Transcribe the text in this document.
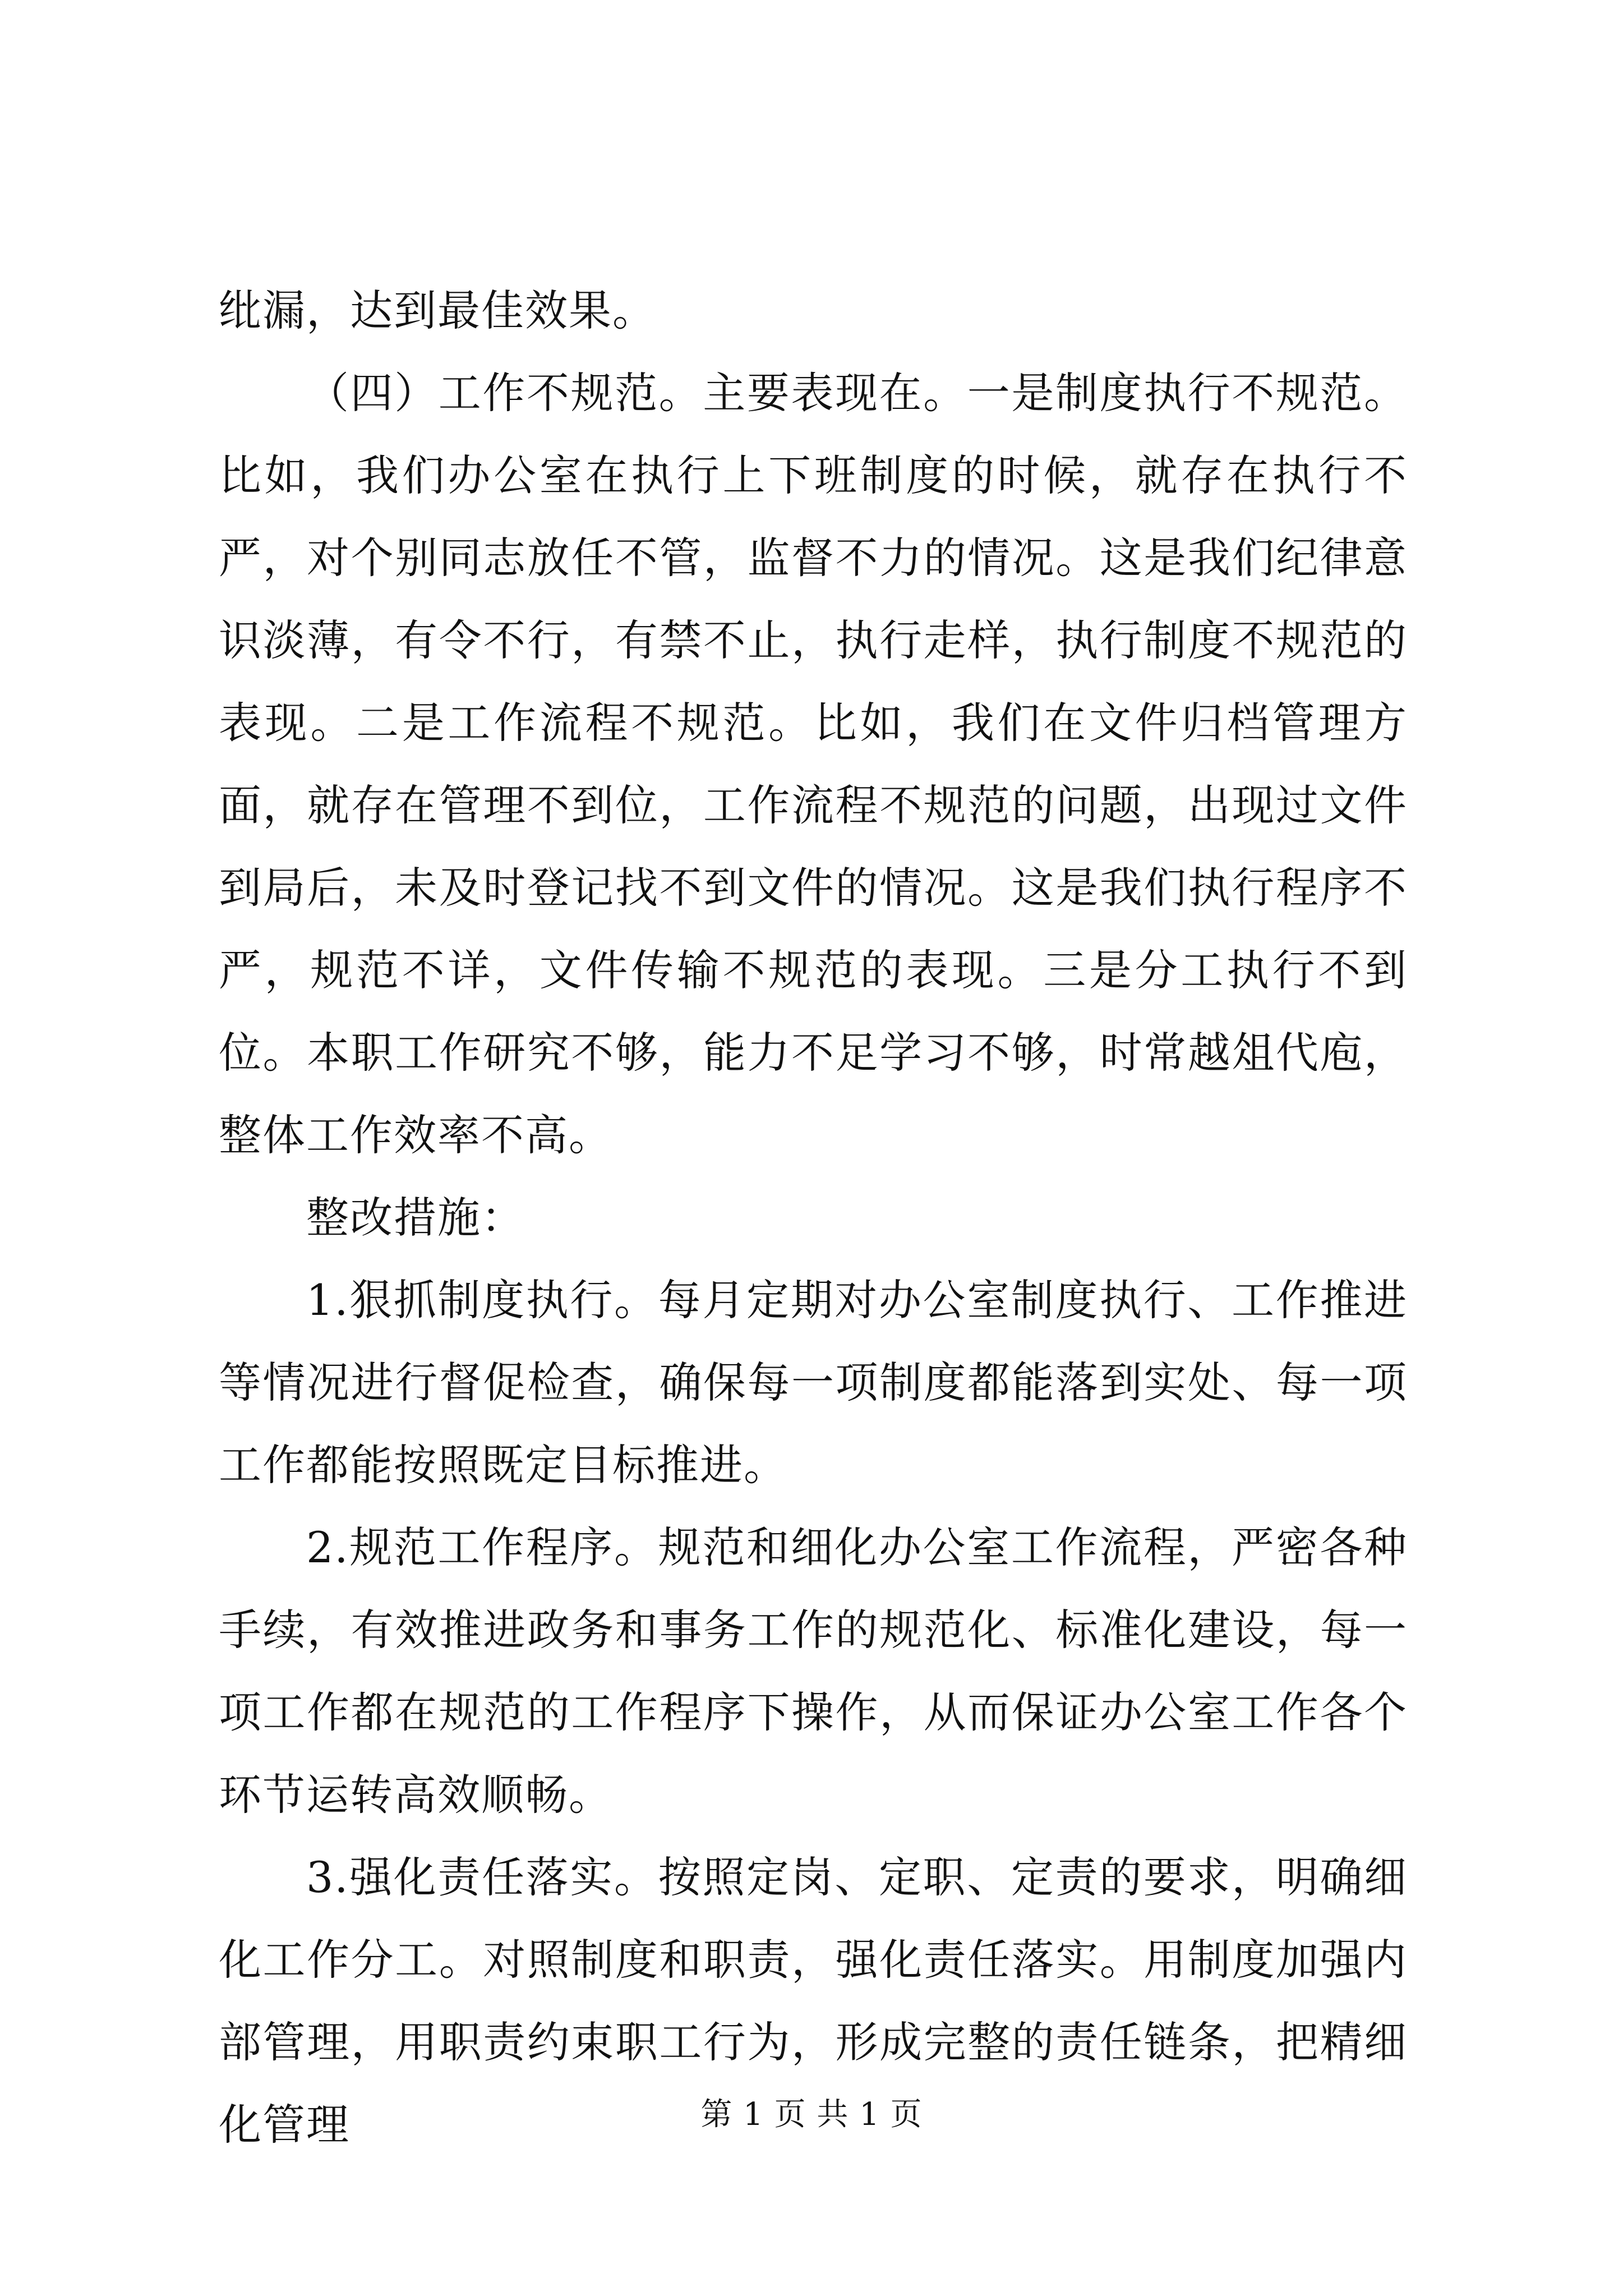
纰漏，达到最佳效果。

（四）工作不规范。主要表现在。一是制度执行不规范。比如，我们办公室在执行上下班制度的时候，就存在执行不严，对个别同志放任不管，监督不力的情况。这是我们纪律意识淡薄，有令不行，有禁不止，执行走样，执行制度不规范的表现。二是工作流程不规范。比如，我们在文件归档管理方面，就存在管理不到位，工作流程不规范的问题，出现过文件到局后，未及时登记找不到文件的情况。这是我们执行程序不严，规范不详，文件传输不规范的表现。三是分工执行不到位。本职工作研究不够，能力不足学习不够，时常越俎代庖，整体工作效率不高。

整改措施：

1.狠抓制度执行。每月定期对办公室制度执行、工作推进等情况进行督促检查，确保每一项制度都能落到实处、每一项工作都能按照既定目标推进。

2.规范工作程序。规范和细化办公室工作流程，严密各种手续，有效推进政务和事务工作的规范化、标准化建设，每一项工作都在规范的工作程序下操作，从而保证办公室工作各个环节运转高效顺畅。

3.强化责任落实。按照定岗、定职、定责的要求，明确细化工作分工。对照制度和职责，强化责任落实。用制度加强内部管理，用职责约束职工行为，形成完整的责任链条，把精细化管理	第 1 页 共 1 页
